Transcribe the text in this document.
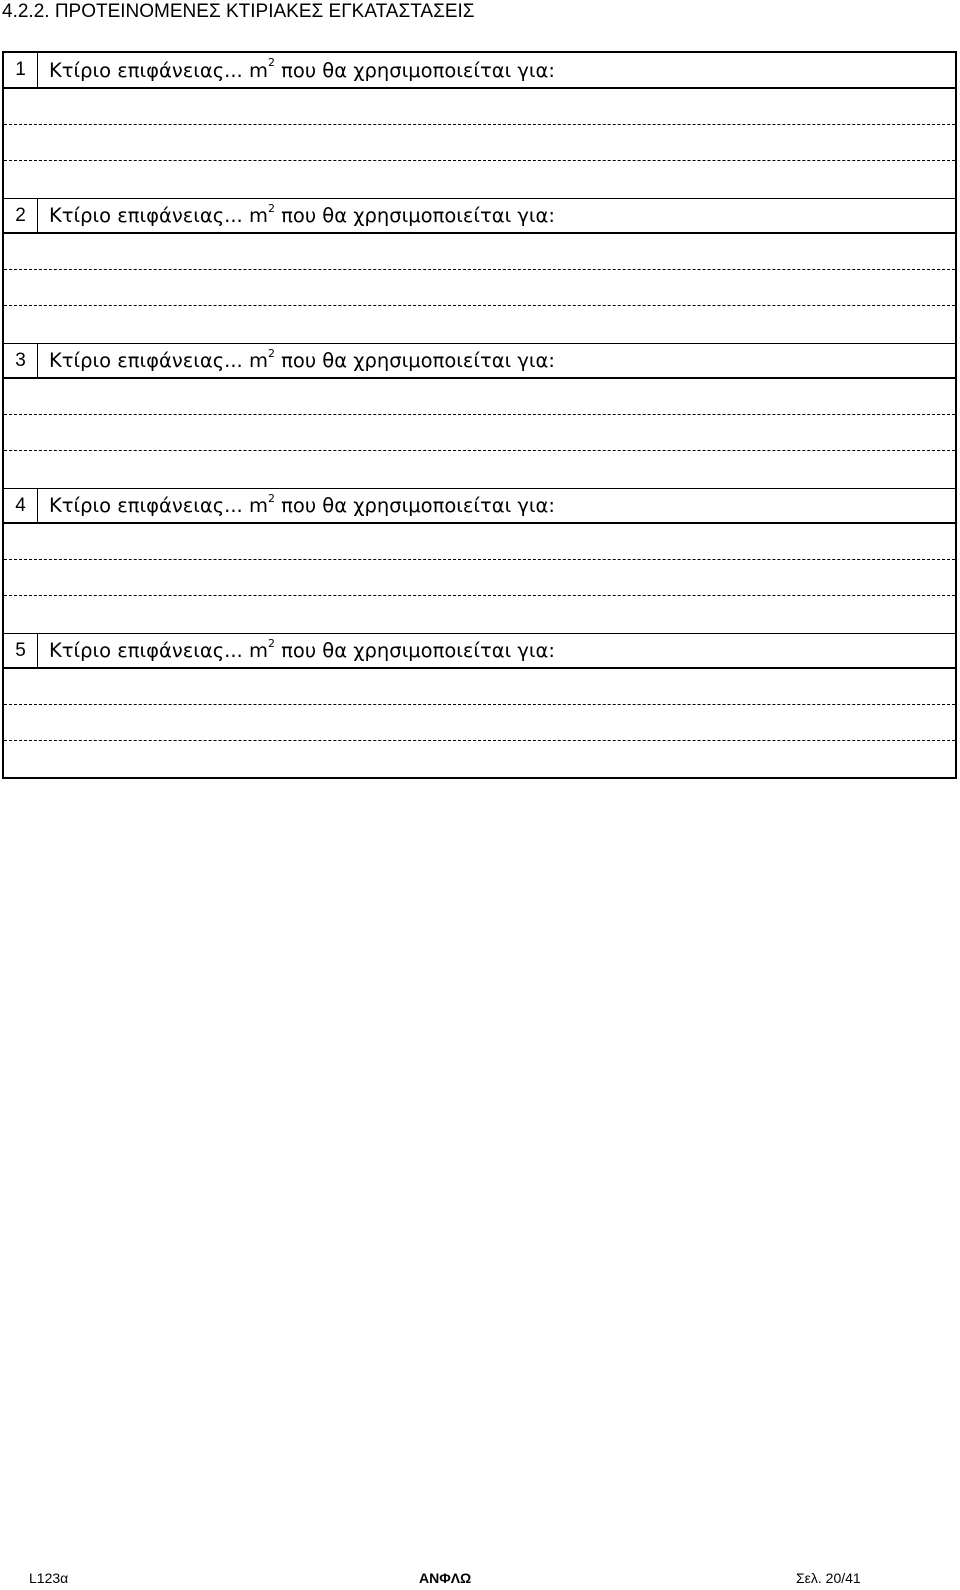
4.2.2. ΠΡΟΤΕΙΝΟΜΕΝΕΣ ΚΤΙΡΙΑΚΕΣ ΕΓΚΑΤΑΣΤΑΣΕΙΣ
1	Κτίριο επιφάνειας... $m^2$ που θα χρησιμοποιείται για:
2	Κτίριο επιφάνειας... $m^2$ που θα χρησιμοποιείται για:
3	Κτίριο επιφάνειας... $m^2$ που θα χρησιμοποιείται για:
4	Κτίριο επιφάνειας... $m^2$ που θα χρησιμοποιείται για:
5	Κτίριο επιφάνειας... $m^2$ που θα χρησιμοποιείται για:
L123α	ΑΝΦΛΩ	Σελ. 20/41
